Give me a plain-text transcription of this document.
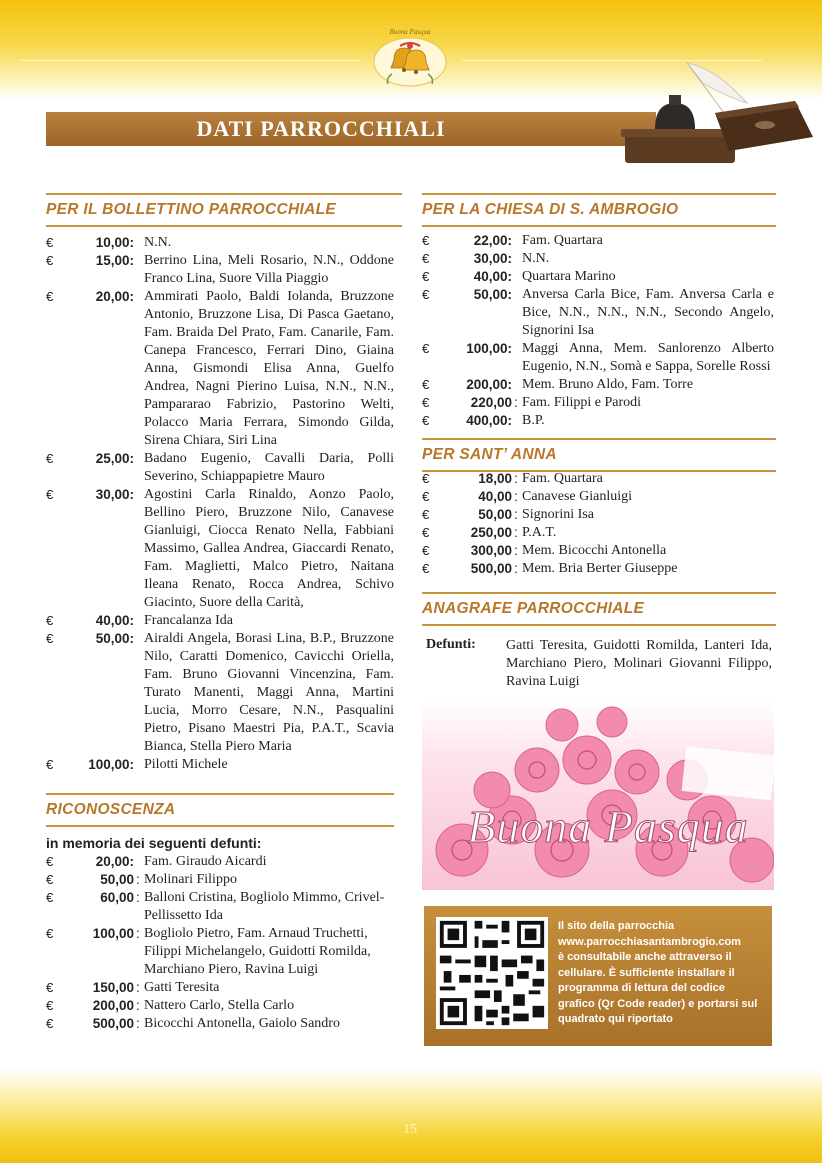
Buona Pasqua
DATI PARROCCHIALI
PER IL BOLLETTINO PARROCCHIALE
€	10,00: N.N.
€	15,00: Berrino Lina, Meli Rosario, N.N., Oddone Franco Lina, Suore Villa Piaggio
€	20,00: Ammirati Paolo, Baldi Iolanda, Bruzzone Antonio, Bruzzone Lisa, Di Pasca Gaetano, Fam. Braida Del Prato, Fam. Canarile, Fam. Canepa Francesco, Ferrari Dino, Giaina Anna, Gismondi Elisa Anna, Guelfo Andrea, Nagni Pierino Luisa, N.N., N.N., Pampararao Fabrizio, Pastorino Welti, Polacco Maria Ferrara, Simondo Gilda, Sirena Chiara, Siri Lina
€	25,00: Badano Eugenio, Cavalli Daria, Polli Severino, Schiappapietre Mauro
€	30,00: Agostini Carla Rinaldo, Aonzo Paolo, Bellino Piero, Bruzzone Nilo, Canavese Gianluigi, Ciocca Renato Nella, Fabbiani Massimo, Gallea Andrea, Giaccardi Renato, Fam. Maglietti, Malco Pietro, Naitana Ileana Renato, Rocca Andrea, Schivo Giacinto, Suore della Carità,
€	40,00: Francalanza Ida
€	50,00: Airaldi Angela, Borasi Lina, B.P., Bruzzone Nilo, Caratti Domenico, Cavicchi Oriella, Fam. Bruno Giovanni Vincenzina, Fam. Turato Manenti, Maggi Anna, Martini Lucia, Morro Cesare, N.N., Pasqualini Pietro, Pisano Maestri Pia, P.A.T., Scavia Bianca, Stella Piero Maria
€	100,00: Pilotti Michele
RICONOSCENZA
in memoria dei seguenti defunti:
€	20,00: Fam. Giraudo Aicardi
€	50,00 : Molinari Filippo
€	60,00 : Balloni Cristina, Bogliolo Mimmo, Crivel-Pellissetto Ida
€	100,00 : Bogliolo Pietro, Fam. Arnaud Truchetti, Filippi Michelangelo, Guidotti Romilda, Marchiano Piero, Ravina Luigi
€	150,00 : Gatti Teresita
€	200,00 : Nattero Carlo, Stella Carlo
€	500,00 : Bicocchi Antonella, Gaiolo Sandro
PER LA CHIESA DI S. AMBROGIO
€	22,00: Fam. Quartara
€	30,00: N.N.
€	40,00: Quartara Marino
€	50,00: Anversa Carla Bice, Fam. Anversa Carla e Bice, N.N., N.N., N.N., Secondo Angelo, Signorini Isa
€	100,00: Maggi Anna, Mem. Sanlorenzo Alberto Eugenio, N.N., Somà e Sappa, Sorelle Rossi
€	200,00: Mem. Bruno Aldo, Fam. Torre
€	220,00 : Fam. Filippi e Parodi
€	400,00: B.P.
PER SANT’ ANNA
€	18,00 : Fam. Quartara
€	40,00 : Canavese Gianluigi
€	50,00 : Signorini Isa
€	250,00 : P.A.T.
€	300,00 : Mem. Bicocchi Antonella
€	500,00 : Mem. Bria Berter Giuseppe
ANAGRAFE PARROCCHIALE
Defunti: Gatti Teresita, Guidotti Romilda, Lanteri Ida, Marchiano Piero, Molinari Giovanni Filippo, Ravina Luigi
Buona Pasqua
Il sito della parrocchia
www.parrocchiasantambrogio.com
è consultabile anche attraverso il cellulare. È sufficiente installare il programma di lettura del codice grafico (Qr Code reader) e portarsi sul quadrato qui riportato
15
